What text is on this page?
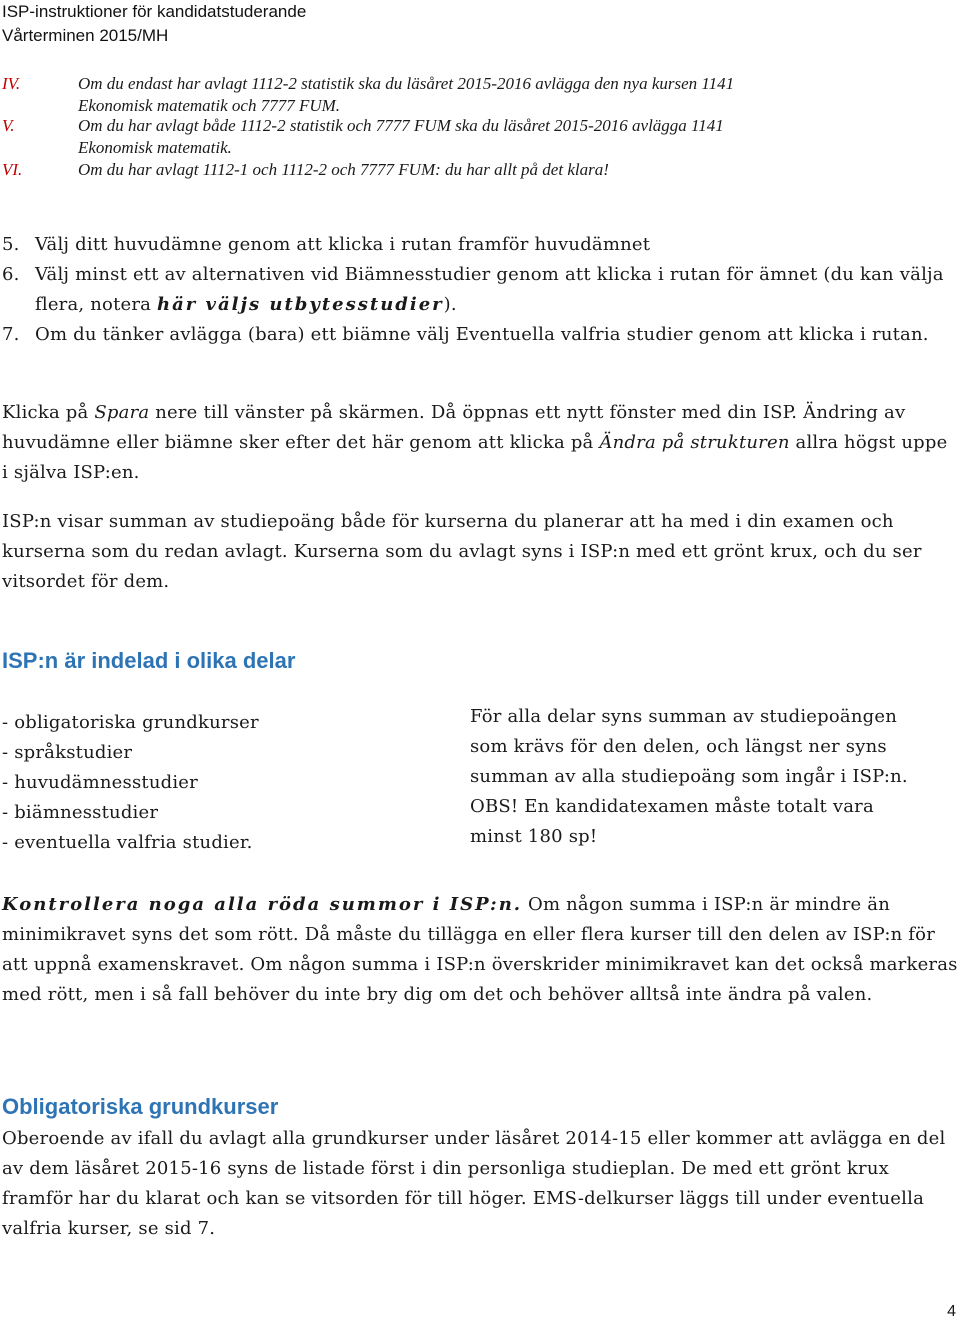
ISP-instruktioner för kandidatstuderande
Vårterminen 2015/MH
IV.	Om du endast har avlagt 1112-2 statistik ska du läsåret 2015-2016 avlägga den nya kursen 1141
Ekonomisk matematik och 7777 FUM.
V.	Om du har avlagt både 1112-2 statistik och 7777 FUM ska du läsåret 2015-2016 avlägga 1141
Ekonomisk matematik.
VI.	Om du har avlagt 1112-1 och 1112-2 och 7777 FUM: du har allt på det klara!
5. Välj ditt huvudämne genom att klicka i rutan framför huvudämnet
6. Välj minst ett av alternativen vid Biämnesstudier genom att klicka i rutan för ämnet (du kan välja flera, notera här väljs utbytesstudier).
7. Om du tänker avlägga (bara) ett biämne välj Eventuella valfria studier genom att klicka i rutan.
Klicka på Spara nere till vänster på skärmen. Då öppnas ett nytt fönster med din ISP. Ändring av huvudämne eller biämne sker efter det här genom att klicka på Ändra på strukturen allra högst uppe i själva ISP:en.
ISP:n visar summan av studiepoäng både för kurserna du planerar att ha med i din examen och kurserna som du redan avlagt. Kurserna som du avlagt syns i ISP:n med ett grönt krux, och du ser vitsordet för dem.
ISP:n är indelad i olika delar
- obligatoriska grundkurser
- språkstudier
- huvudämnesstudier
- biämnesstudier
- eventuella valfria studier.
För alla delar syns summan av studiepoängen
som krävs för den delen, och längst ner syns
summan av alla studiepoäng som ingår i ISP:n.
OBS! En kandidatexamen måste totalt vara
minst 180 sp!
Kontrollera noga alla röda summor i ISP:n. Om någon summa i ISP:n är mindre än minimikravet syns det som rött. Då måste du tillägga en eller flera kurser till den delen av ISP:n för att uppnå examenskravet. Om någon summa i ISP:n överskrider minimikravet kan det också markeras med rött, men i så fall behöver du inte bry dig om det och behöver alltså inte ändra på valen.
Obligatoriska grundkurser
Oberoende av ifall du avlagt alla grundkurser under läsåret 2014-15 eller kommer att avlägga en del av dem läsåret 2015-16 syns de listade först i din personliga studieplan. De med ett grönt krux framför har du klarat och kan se vitsorden för till höger. EMS-delkurser läggs till under eventuella valfria kurser, se sid 7.
4
